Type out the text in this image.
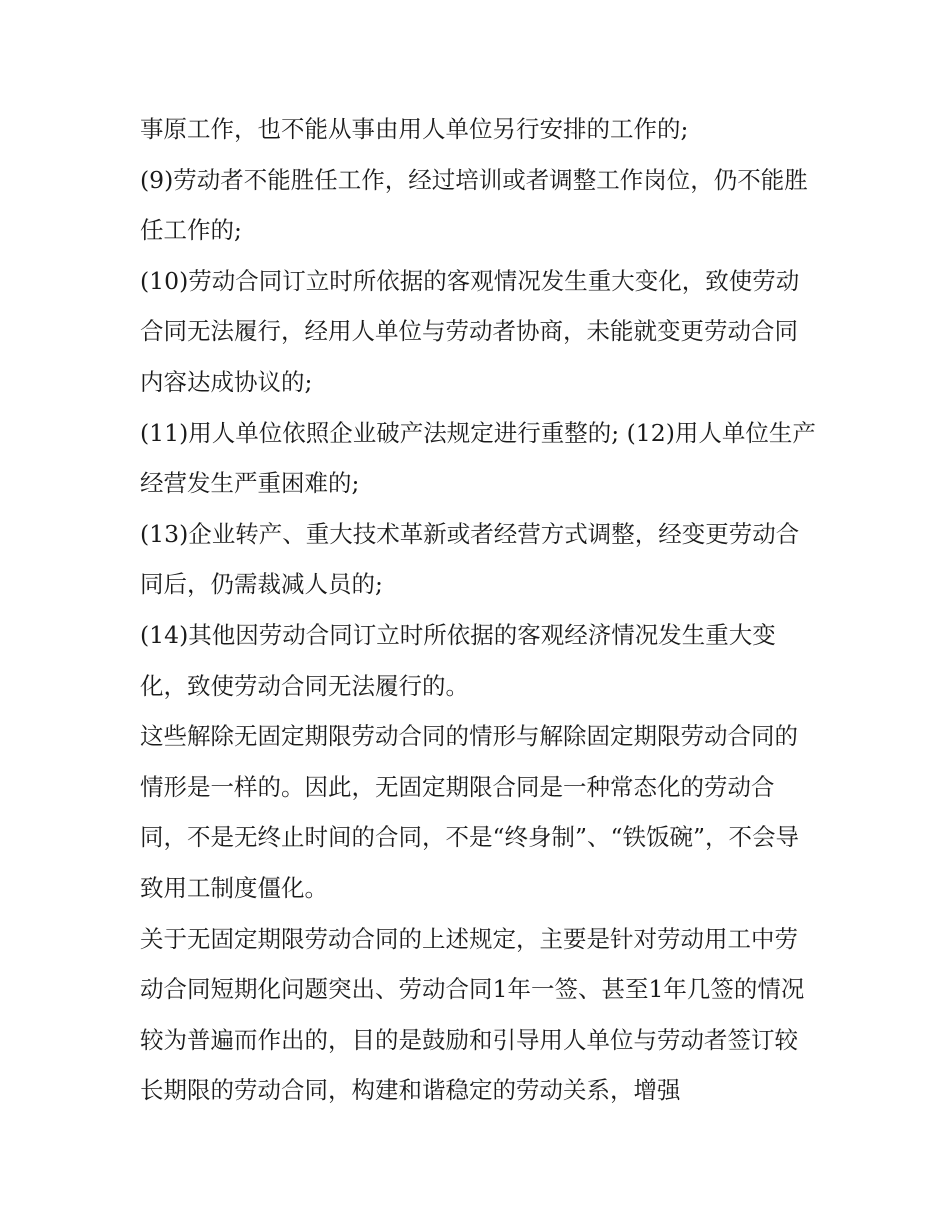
事原工作，也不能从事由用人单位另行安排的工作的;

(9)劳动者不能胜任工作，经过培训或者调整工作岗位，仍不能胜任工作的;

(10)劳动合同订立时所依据的客观情况发生重大变化，致使劳动合同无法履行，经用人单位与劳动者协商，未能就变更劳动合同内容达成协议的;

(11)用人单位依照企业破产法规定进行重整的; (12)用人单位生产经营发生严重困难的;

(13)企业转产、重大技术革新或者经营方式调整，经变更劳动合同后，仍需裁减人员的;

(14)其他因劳动合同订立时所依据的客观经济情况发生重大变化，致使劳动合同无法履行的。

这些解除无固定期限劳动合同的情形与解除固定期限劳动合同的情形是一样的。因此，无固定期限合同是一种常态化的劳动合同，不是无终止时间的合同，不是“终身制”、“铁饭碗”，不会导致用工制度僵化。

关于无固定期限劳动合同的上述规定，主要是针对劳动用工中劳动合同短期化问题突出、劳动合同1年一签、甚至1年几签的情况较为普遍而作出的，目的是鼓励和引导用人单位与劳动者签订较长期限的劳动合同，构建和谐稳定的劳动关系，增强
